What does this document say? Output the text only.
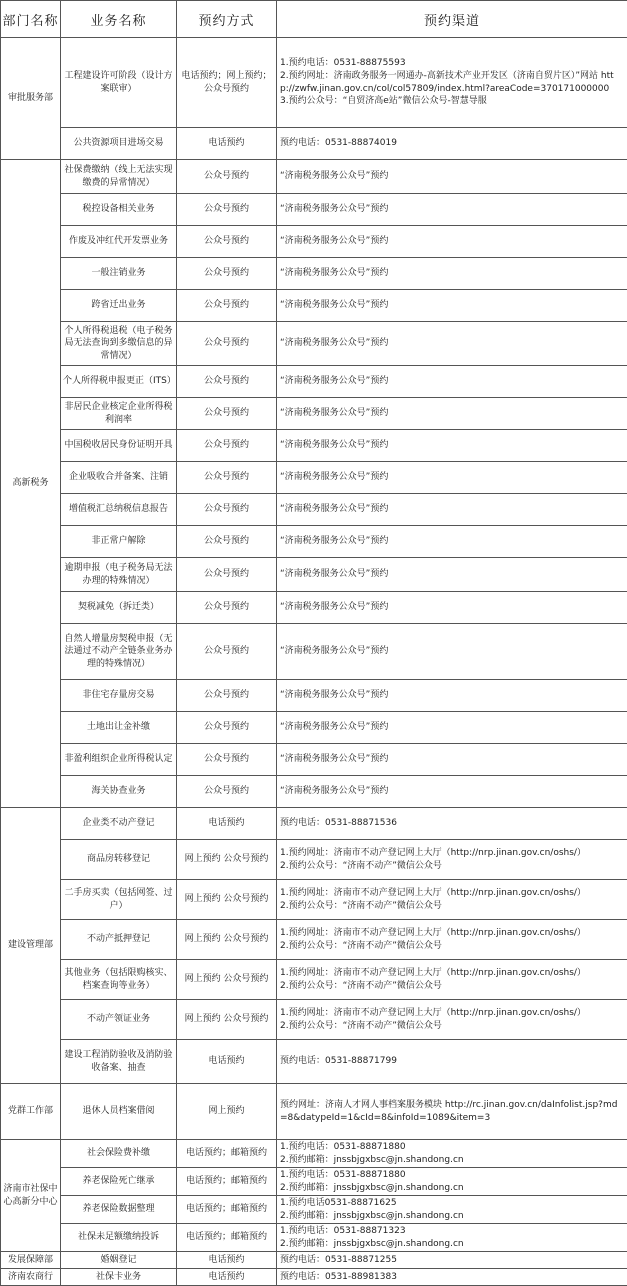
部门名称	业务名称	预约方式	预约渠道
审批服务部	工程建设许可阶段（设计方案联审）	电话预约；网上预约；公众号预约	1.预约电话：0531-88875593
2.预约网址：济南政务服务一网通办-高新技术产业开发区（济南自贸片区）”网站 http://zwfw.jinan.gov.cn/col/col57809/index.html?areaCode=370171000000
3.预约公众号：“自贸济高e站”微信公众号-智慧导服

	公共资源项目进场交易	电话预约	预约电话：0531-88874019

高新税务	社保费缴纳（线上无法实现缴费的异常情况）	公众号预约	“济南税务服务公众号”预约

	税控设备相关业务	公众号预约	“济南税务服务公众号”预约

	作废及冲红代开发票业务	公众号预约	“济南税务服务公众号”预约

	一般注销业务	公众号预约	“济南税务服务公众号”预约

	跨省迁出业务	公众号预约	“济南税务服务公众号”预约

	个人所得税退税（电子税务局无法查询到多缴信息的异常情况）	公众号预约	“济南税务服务公众号”预约

	个人所得税申报更正（ITS）	公众号预约	“济南税务服务公众号”预约

	非居民企业核定企业所得税利润率	公众号预约	“济南税务服务公众号”预约

	中国税收居民身份证明开具	公众号预约	“济南税务服务公众号”预约

	企业吸收合并备案、注销	公众号预约	“济南税务服务公众号”预约

	增值税汇总纳税信息报告	公众号预约	“济南税务服务公众号”预约

	非正常户解除	公众号预约	“济南税务服务公众号”预约

	逾期申报（电子税务局无法办理的特殊情况）	公众号预约	“济南税务服务公众号”预约

	契税减免（拆迁类）	公众号预约	“济南税务服务公众号”预约

	自然人增量房契税申报（无法通过不动产全链条业务办理的特殊情况）	公众号预约	“济南税务服务公众号”预约

	非住宅存量房交易	公众号预约	“济南税务服务公众号”预约

	土地出让金补缴	公众号预约	“济南税务服务公众号”预约

	非盈利组织企业所得税认定	公众号预约	“济南税务服务公众号”预约

	海关协查业务	公众号预约	“济南税务服务公众号”预约

建设管理部	企业类不动产登记	电话预约	预约电话：0531-88871536

	商品房转移登记	网上预约 公众号预约	1.预约网址：济南市不动产登记网上大厅（http://nrp.jinan.gov.cn/oshs/）
2.预约公众号：“济南不动产”微信公众号

	二手房买卖（包括网签、过户）	网上预约 公众号预约	1.预约网址：济南市不动产登记网上大厅（http://nrp.jinan.gov.cn/oshs/）
2.预约公众号：“济南不动产”微信公众号

	不动产抵押登记	网上预约 公众号预约	1.预约网址：济南市不动产登记网上大厅（http://nrp.jinan.gov.cn/oshs/）
2.预约公众号：“济南不动产”微信公众号

	其他业务（包括限购核实、档案查询等业务）	网上预约 公众号预约	1.预约网址：济南市不动产登记网上大厅（http://nrp.jinan.gov.cn/oshs/）
2.预约公众号：“济南不动产”微信公众号

	不动产领证业务	网上预约 公众号预约	1.预约网址：济南市不动产登记网上大厅（http://nrp.jinan.gov.cn/oshs/）
2.预约公众号：“济南不动产”微信公众号

	建设工程消防验收及消防验收备案、抽查	电话预约	预约电话：0531-88871799

党群工作部	退休人员档案借阅	网上预约	预约网址：济南人才网人事档案服务模块 http://rc.jinan.gov.cn/daInfolist.jsp?md=8&datypeId=1&cId=8&infoId=1089&item=3

济南市社保中心高新分中心	社会保险费补缴	电话预约；邮箱预约	1.预约电话：0531-88871880
2.预约邮箱：jnssbjgxbsc@jn.shandong.cn

	养老保险死亡继承	电话预约；邮箱预约	1.预约电话：0531-88871880
2.预约邮箱：jnssbjgxbsc@jn.shandong.cn

	养老保险数据整理	电话预约；邮箱预约	1.预约电话0531-88871625
2.预约邮箱：jnssbjgxbsc@jn.shandong.cn

	社保未足额缴纳投诉	电话预约；邮箱预约	1.预约电话：0531-88871323
2.预约邮箱：jnssbjgxbsc@jn.shandong.cn

发展保障部	婚姻登记	电话预约	预约电话：0531-88871255

济南农商行	社保卡业务	电话预约	预约电话：0531-88981383
